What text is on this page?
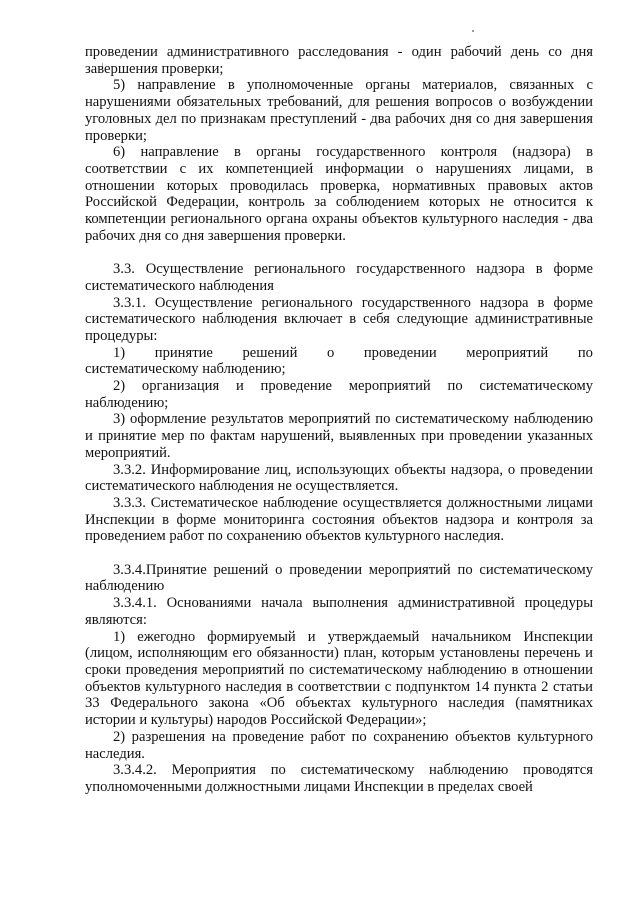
проведении административного расследования - один рабочий день со дня завершения проверки;

5) направление в уполномоченные органы материалов, связанных с нарушениями обязательных требований, для решения вопросов о возбуждении уголовных дел по признакам преступлений - два рабочих дня со дня завершения проверки;

6) направление в органы государственного контроля (надзора) в соответствии с их компетенцией информации о нарушениях лицами, в отношении которых проводилась проверка, нормативных правовых актов Российской Федерации, контроль за соблюдением которых не относится к компетенции регионального органа охраны объектов культурного наследия - два рабочих дня со дня завершения проверки.

3.3. Осуществление регионального государственного надзора в форме систематического наблюдения

3.3.1. Осуществление регионального государственного надзора в форме систематического наблюдения включает в себя следующие административные процедуры:

1) принятие решений о проведении мероприятий по

систематическому наблюдению;

2) организация и проведение мероприятий по систематическому наблюдению;

3) оформление результатов мероприятий по систематическому наблюдению и принятие мер по фактам нарушений, выявленных при проведении указанных мероприятий.

3.3.2. Информирование лиц, использующих объекты надзора, о проведении систематического наблюдения не осуществляется.

3.3.3. Систематическое наблюдение осуществляется должностными лицами Инспекции в форме мониторинга состояния объектов надзора и контроля за проведением работ по сохранению объектов культурного наследия.

3.3.4.Принятие решений о проведении мероприятий по систематическому наблюдению

3.3.4.1. Основаниями начала выполнения административной процедуры являются:

1) ежегодно формируемый и утверждаемый начальником Инспекции (лицом, исполняющим его обязанности) план, которым установлены перечень и сроки проведения мероприятий по систематическому наблюдению в отношении объектов культурного наследия в соответствии с подпунктом 14 пункта 2 статьи 33 Федерального закона «Об объектах культурного наследия (памятниках истории и культуры) народов Российской Федерации»;

2) разрешения на проведение работ по сохранению объектов культурного наследия.

3.3.4.2. Мероприятия по систематическому наблюдению проводятся уполномоченными должностными лицами Инспекции в пределах своей
